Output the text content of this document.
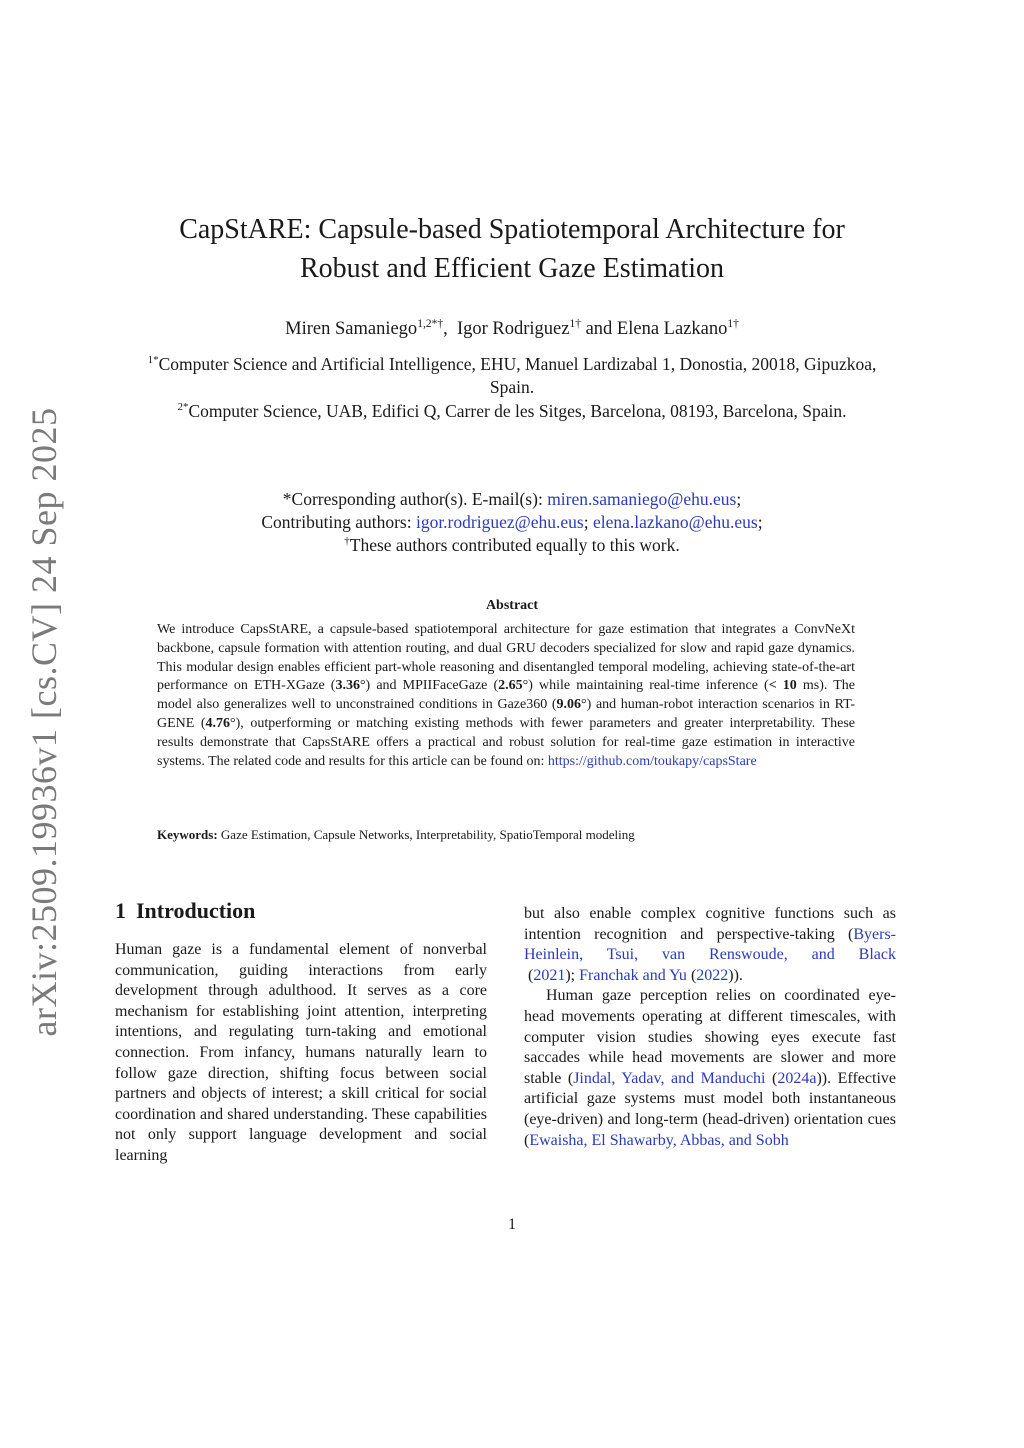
arXiv:2509.19936v1 [cs.CV] 24 Sep 2025
CapStARE: Capsule-based Spatiotemporal Architecture for
Robust and Efficient Gaze Estimation
Miren Samaniego$^{1,2*\dagger}$,  Igor Rodriguez$^{1\dagger}$ and Elena Lazkano$^{1\dagger}$
$^{1*}$Computer Science and Artificial Intelligence, EHU, Manuel Lardizabal 1, Donostia, 20018, Gipuzkoa, Spain.
$^{2*}$Computer Science, UAB, Edifici Q, Carrer de les Sitges, Barcelona, 08193, Barcelona, Spain.
*Corresponding author(s). E-mail(s): miren.samaniego@ehu.eus;
Contributing authors: igor.rodriguez@ehu.eus; elena.lazkano@ehu.eus;
†These authors contributed equally to this work.
Abstract
We introduce CapsStARE, a capsule-based spatiotemporal architecture for gaze estimation that integrates a ConvNeXt backbone, capsule formation with attention routing, and dual GRU decoders specialized for slow and rapid gaze dynamics. This modular design enables efficient part-whole reasoning and disentangled temporal modeling, achieving state-of-the-art performance on ETH-XGaze (3.36°) and MPIIFaceGaze (2.65°) while maintaining real-time inference (< 10 ms). The model also generalizes well to unconstrained conditions in Gaze360 (9.06°) and human-robot interaction scenarios in RT-GENE (4.76°), outperforming or matching existing methods with fewer parameters and greater interpretability. These results demonstrate that CapsStARE offers a practical and robust solution for real-time gaze estimation in interactive systems. The related code and results for this article can be found on: https://github.com/toukapy/capsStare
Keywords: Gaze Estimation, Capsule Networks, Interpretability, SpatioTemporal modeling
1 Introduction

Human gaze is a fundamental element of nonverbal communication, guiding interactions from early development through adulthood. It serves as a core mechanism for establishing joint attention, interpreting intentions, and regulating turn-taking and emotional connection. From infancy, humans naturally learn to follow gaze direction, shifting focus between social partners and objects of interest; a skill critical for social coordination and shared understanding. These capabilities not only support language development and social learning

but also enable complex cognitive functions such as intention recognition and perspective-taking (Byers-Heinlein, Tsui, van Renswoude, and Black (2021); Franchak and Yu (2022)).

Human gaze perception relies on coordinated eye-head movements operating at different timescales, with computer vision studies showing eyes execute fast saccades while head movements are slower and more stable (Jindal, Yadav, and Manduchi (2024a)). Effective artificial gaze systems must model both instantaneous (eye-driven) and long-term (head-driven) orientation cues (Ewaisha, El Shawarby, Abbas, and Sobh

1
